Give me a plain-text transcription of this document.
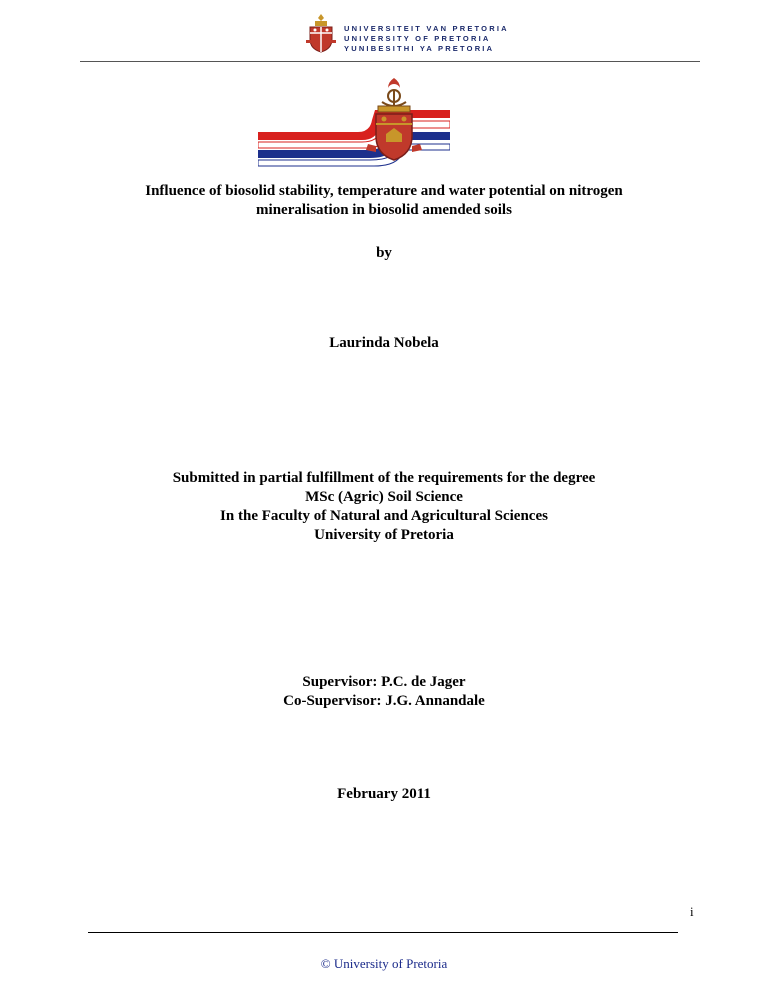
UNIVERSITEIT VAN PRETORIA
UNIVERSITY OF PRETORIA
YUNIBESITHI YA PRETORIA
Influence of biosolid stability, temperature and water potential on nitrogen
mineralisation in biosolid amended soils
by
Laurinda Nobela
Submitted in partial fulfillment of the requirements for the degree
MSc (Agric) Soil Science
In the Faculty of Natural and Agricultural Sciences
University of Pretoria
Supervisor: P.C. de Jager
Co-Supervisor: J.G. Annandale
February 2011
i
© University of Pretoria
